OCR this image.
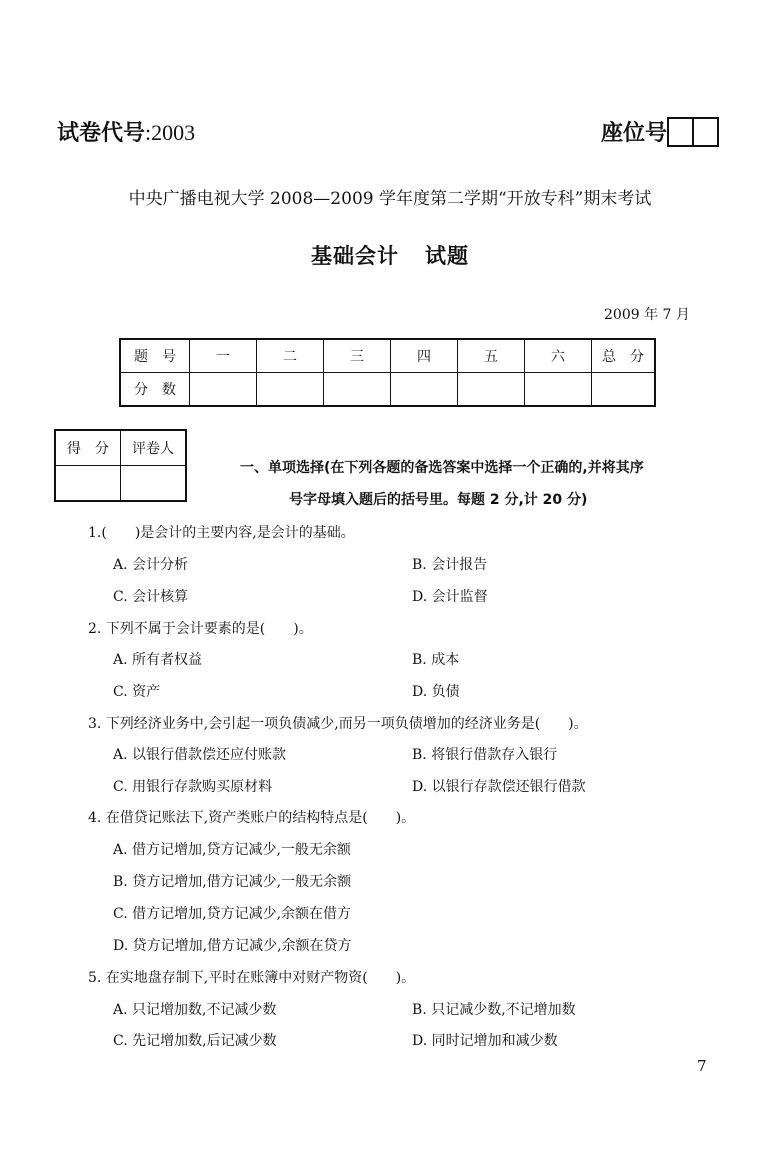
试卷代号:2003	座位号
中央广播电视大学 2008—2009 学年度第二学期“开放专科”期末考试
基础会计 试题
2009 年 7 月
题　号	一	二	三	四	五	六	总　分
分　数							
得　分	评卷人

一、单项选择(在下列各题的备选答案中选择一个正确的,并将其序
号字母填入题后的括号里。每题 2 分,计 20 分)
1.(　　)是会计的主要内容,是会计的基础。
A. 会计分析	B. 会计报告
C. 会计核算	D. 会计监督
2. 下列不属于会计要素的是(　　)。
A. 所有者权益	B. 成本
C. 资产	D. 负债
3. 下列经济业务中,会引起一项负债减少,而另一项负债增加的经济业务是(　　)。
A. 以银行借款偿还应付账款	B. 将银行借款存入银行
C. 用银行存款购买原材料	D. 以银行存款偿还银行借款
4. 在借贷记账法下,资产类账户的结构特点是(　　)。
A. 借方记增加,贷方记减少,一般无余额
B. 贷方记增加,借方记减少,一般无余额
C. 借方记增加,贷方记减少,余额在借方
D. 贷方记增加,借方记减少,余额在贷方
5. 在实地盘存制下,平时在账簿中对财产物资(　　)。
A. 只记增加数,不记减少数	B. 只记减少数,不记增加数
C. 先记增加数,后记减少数	D. 同时记增加和减少数
7
